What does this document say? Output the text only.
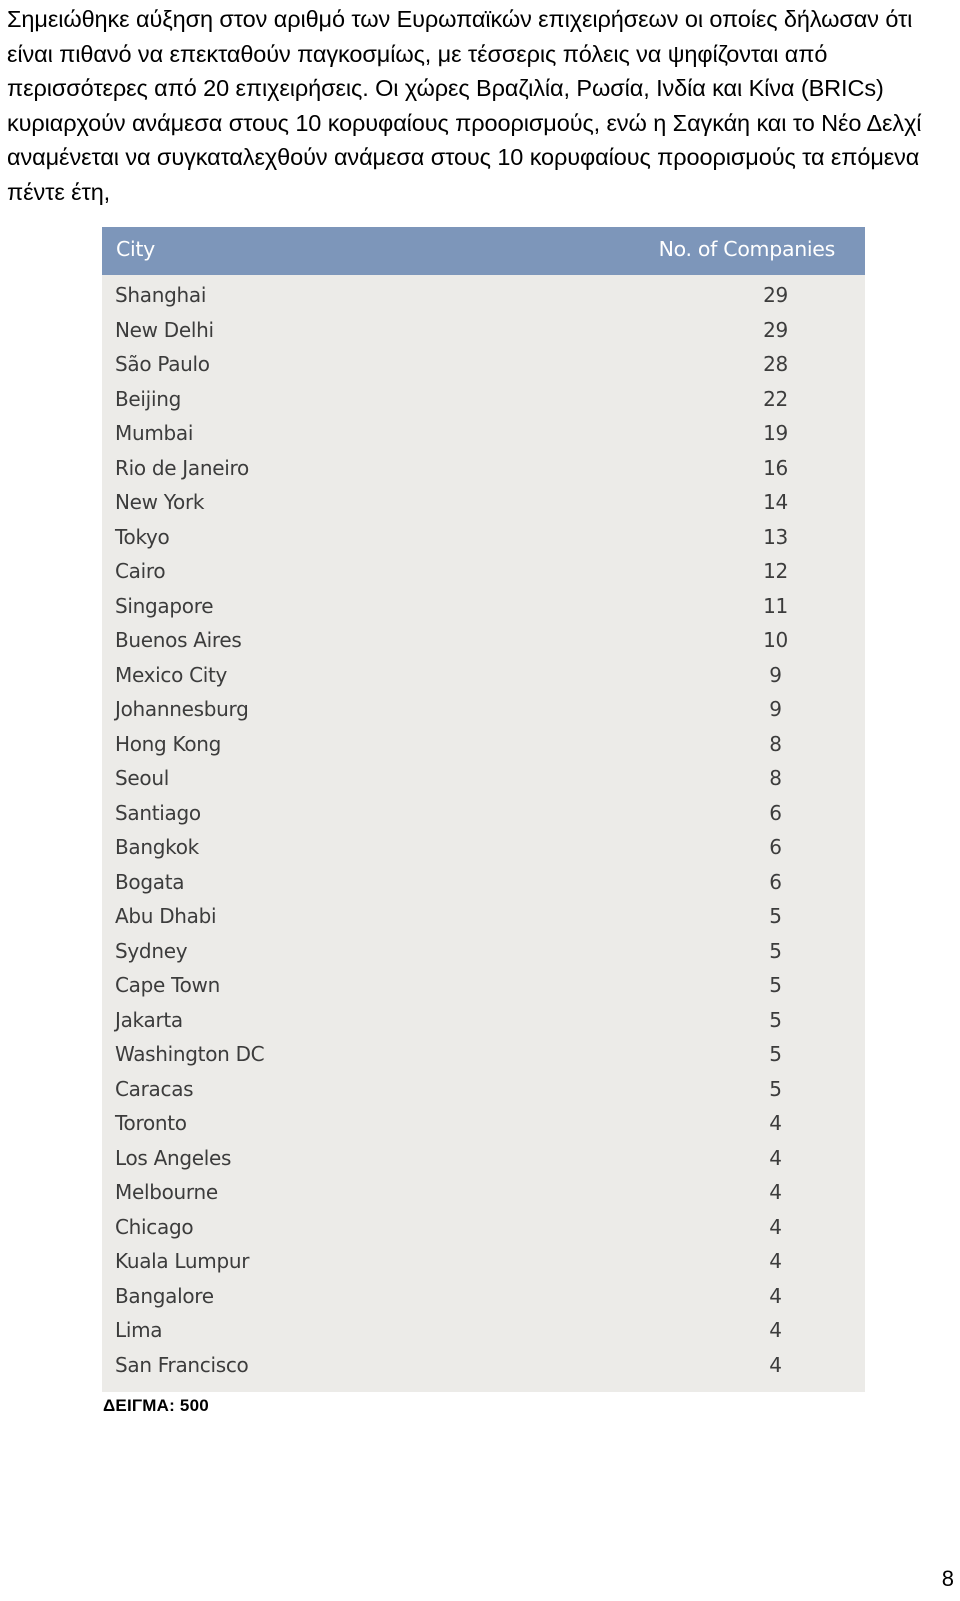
Σημειώθηκε αύξηση στον αριθμό των Ευρωπαϊκών επιχειρήσεων οι οποίες δήλωσαν ότι είναι πιθανό να επεκταθούν παγκοσμίως, με τέσσερις πόλεις να ψηφίζονται από περισσότερες από 20 επιχειρήσεις. Οι χώρες Βραζιλία, Ρωσία, Ινδία και Κίνα (BRICs) κυριαρχούν ανάμεσα στους 10 κορυφαίους προορισμούς, ενώ η Σαγκάη και το Νέο Δελχί αναμένεται να συγκαταλεχθούν ανάμεσα στους 10 κορυφαίους προορισμούς τα επόμενα πέντε έτη,

City	No. of Companies
Shanghai	29
New Delhi	29
São Paulo	28
Beijing	22
Mumbai	19
Rio de Janeiro	16
New York	14
Tokyo	13
Cairo	12
Singapore	11
Buenos Aires	10
Mexico City	9
Johannesburg	9
Hong Kong	8
Seoul	8
Santiago	6
Bangkok	6
Bogata	6
Abu Dhabi	5
Sydney	5
Cape Town	5
Jakarta	5
Washington DC	5
Caracas	5
Toronto	4
Los Angeles	4
Melbourne	4
Chicago	4
Kuala Lumpur	4
Bangalore	4
Lima	4
San Francisco	4
ΔΕΙΓΜΑ: 500
8
